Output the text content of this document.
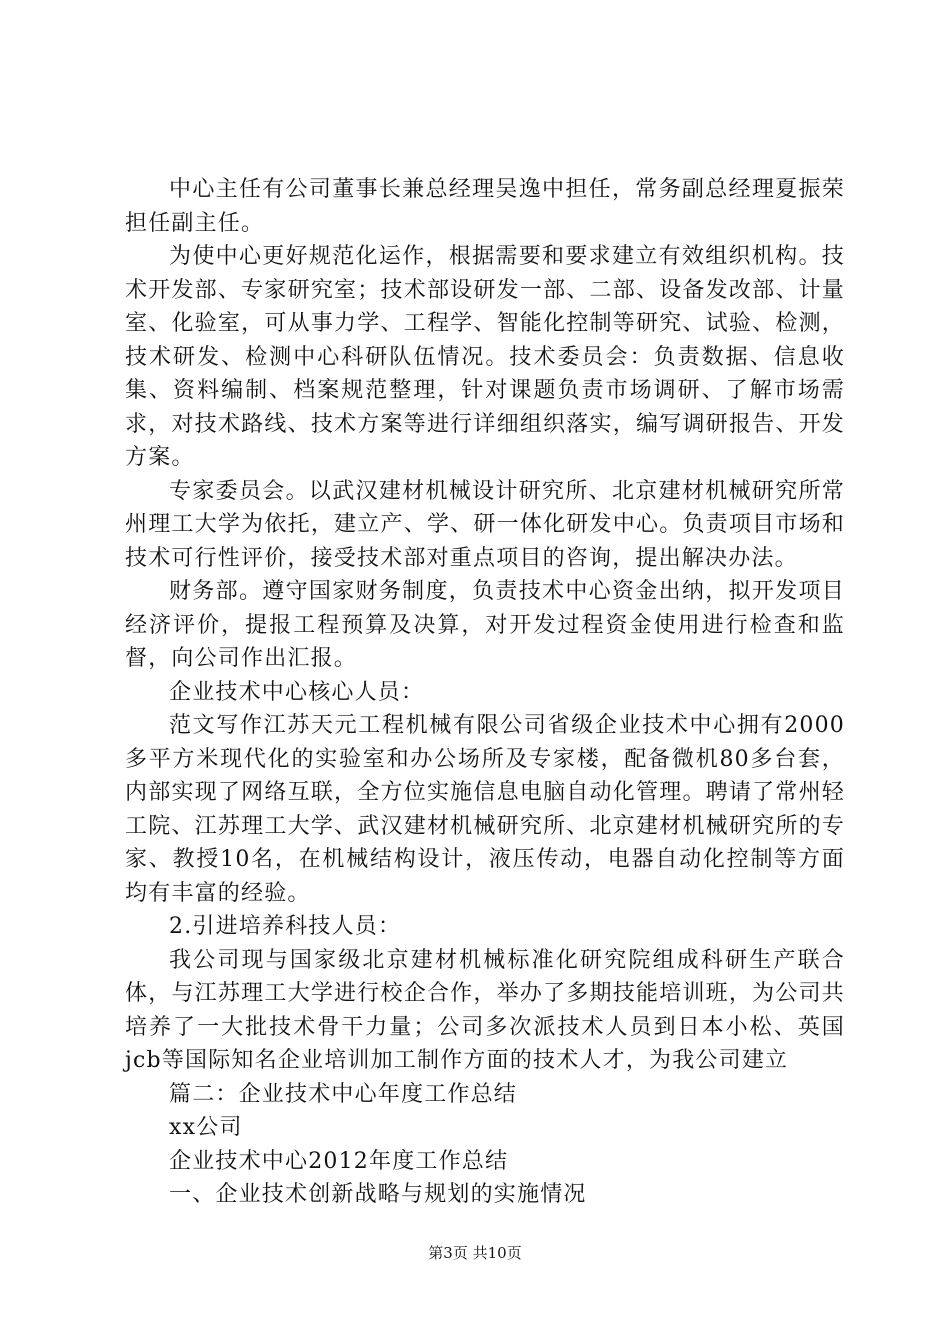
中心主任有公司董事长兼总经理吴逸中担任，常务副总经理夏振荣担任副主任。

为使中心更好规范化运作，根据需要和要求建立有效组织机构。技术开发部、专家研究室；技术部设研发一部、二部、设备发改部、计量室、化验室，可从事力学、工程学、智能化控制等研究、试验、检测，技术研发、检测中心科研队伍情况。技术委员会：负责数据、信息收集、资料编制、档案规范整理，针对课题负责市场调研、了解市场需求，对技术路线、技术方案等进行详细组织落实，编写调研报告、开发方案。

专家委员会。以武汉建材机械设计研究所、北京建材机械研究所常州理工大学为依托，建立产、学、研一体化研发中心。负责项目市场和技术可行性评价，接受技术部对重点项目的咨询，提出解决办法。

财务部。遵守国家财务制度，负责技术中心资金出纳，拟开发项目经济评价，提报工程预算及决算，对开发过程资金使用进行检查和监督，向公司作出汇报。

企业技术中心核心人员：

范文写作江苏天元工程机械有限公司省级企业技术中心拥有2000多平方米现代化的实验室和办公场所及专家楼，配备微机80多台套，内部实现了网络互联，全方位实施信息电脑自动化管理。聘请了常州轻工院、江苏理工大学、武汉建材机械研究所、北京建材机械研究所的专家、教授10名，在机械结构设计，液压传动，电器自动化控制等方面均有丰富的经验。

2.引进培养科技人员：

我公司现与国家级北京建材机械标准化研究院组成科研生产联合体，与江苏理工大学进行校企合作，举办了多期技能培训班，为公司共培养了一大批技术骨干力量；公司多次派技术人员到日本小松、英国jcb等国际知名企业培训加工制作方面的技术人才，为我公司建立

篇二：企业技术中心年度工作总结

xx公司

企业技术中心2012年度工作总结

一、企业技术创新战略与规划的实施情况

第3页 共10页
